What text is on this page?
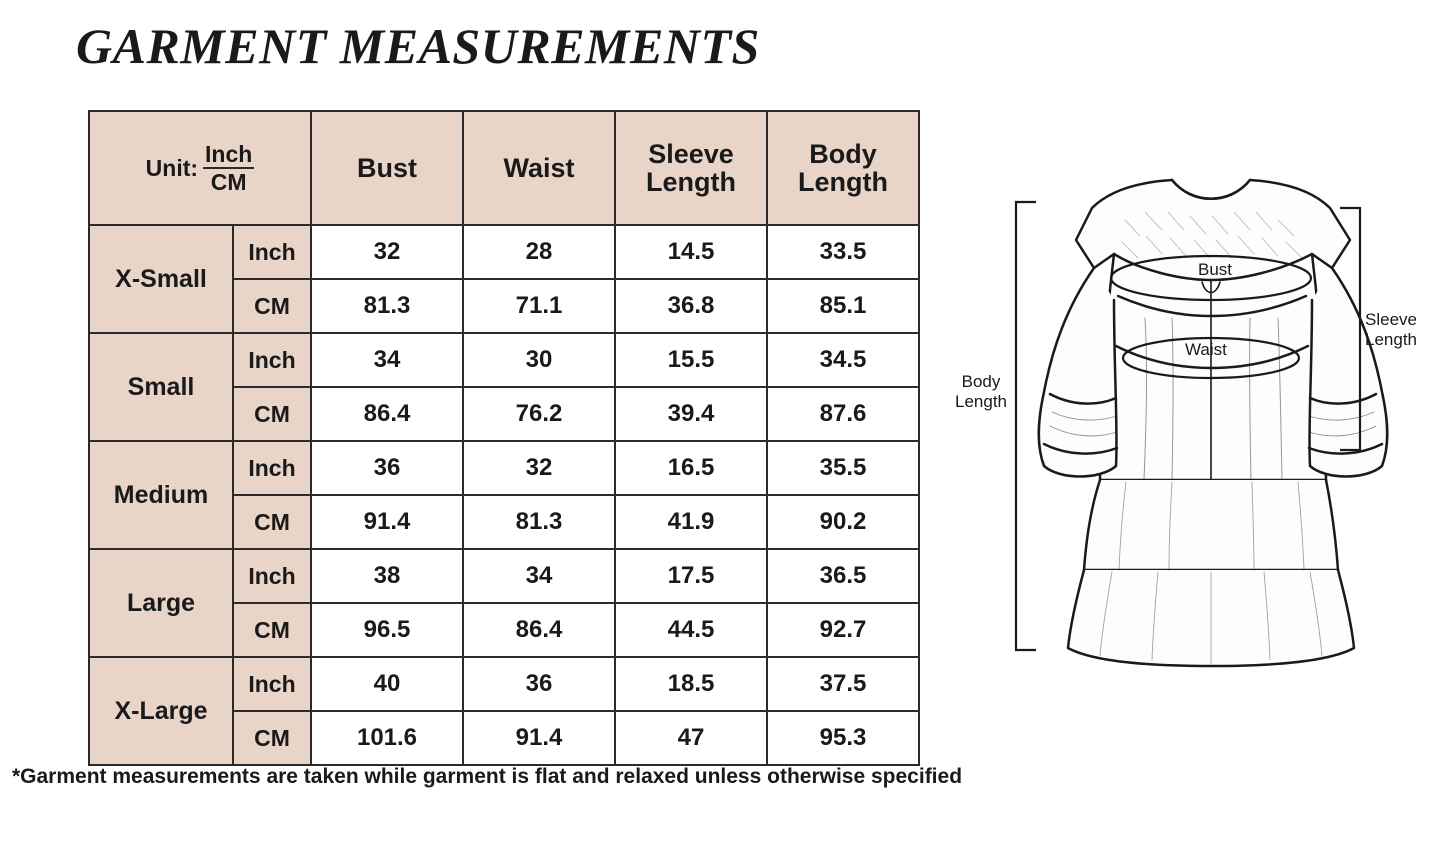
GARMENT MEASUREMENTS
Unit: $\frac{\text{Inch}}{CM}$		Bust	Waist	Sleeve Length	Body Length
X-Small	Inch	32	28	14.5	33.5
	CM	81.3	71.1	36.8	85.1
Small	Inch	34	30	15.5	34.5
	CM	86.4	76.2	39.4	87.6
Medium	Inch	36	32	16.5	35.5
	CM	91.4	81.3	41.9	90.2
Large	Inch	38	34	17.5	36.5
	CM	96.5	86.4	44.5	92.7
X-Large	Inch	40	36	18.5	37.5
	CM	101.6	91.4	47	95.3
*Garment measurements are taken while garment is flat and relaxed unless otherwise specified
Bust
Waist
Body
Length
Sleeve
Length
